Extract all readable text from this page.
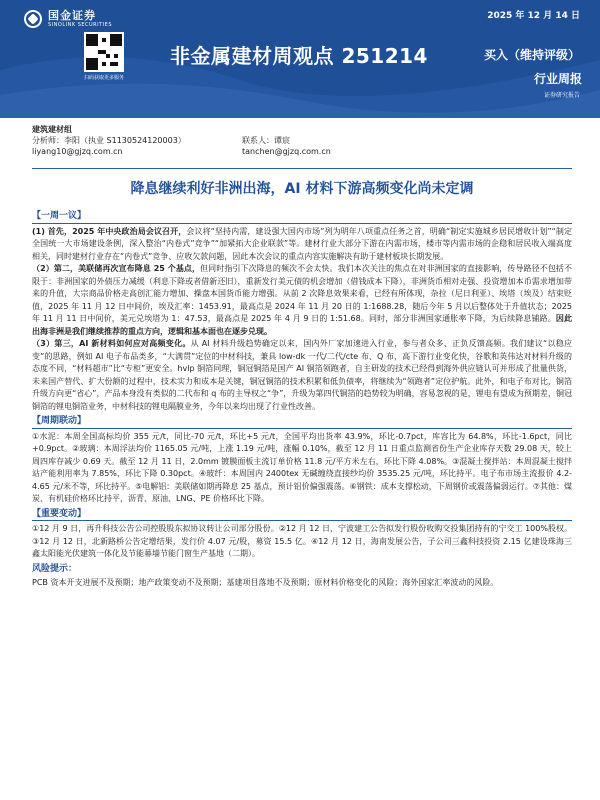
国金证券
SINOLINK SECURITIES
扫码获取更多服务
2025 年 12 月 14 日
非金属建材周观点 251214	买入（维持评级）
行业周报
证券研究报告
建筑建材组
分析师：李阳（执业 S1130524120003）	联系人：谭宸
liyang10@gjzq.com.cn	tanchen@gjzq.com.cn
降息继续利好非洲出海，AI 材料下游高频变化尚未定调
【一周一议】

(1) 首先，2025 年中央政治局会议召开，会议将“坚持内需，建设强大国内市场”列为明年八项重点任务之首，明确“制定实施城乡居民增收计划”“制定全国统一大市场建设条例，深入整治“内卷式”竞争”“加紧拓大企业联款”等。建材行业大部分下游在内需市场，楼市等内需市场的企稳和居民收入端高度相关，同时建材行业存在“内卷式”竞争、应收欠款问题，因此本次会议的重点内容实施解决有助于建材板块长期发展。

（2）第二，美联储再次宣布降息 25 个基点，但同时指引下次降息的频次不会太快。我们本次关注的焦点在对非洲国家的直接影响，传导路径不包括不限于：非洲国家的外债压力减缓（利息下降或者借新还旧），重新发行美元债的机会增加（借钱成本下降），非洲货币相对走强、投资增加本币需求增加带来的升值，大宗商品价格走高创汇能力增加、操盘本国货币能力增强。从前 2 次降息效果来看，已经有所体现，杂拉（尼日利亚）、埃塔（埃及）结束贬值，2025 年 11 月 12 日中间价，埃及汇率：1453.91，最高点是 2024 年 11 月 20 日的 1:1688.28，随后今年 5 月以后整体处于升值状态；2025 年 11 月 11 日中间价，美元兑埃塔为 1：47.53，最高点是 2025 年 4 月 9 日的 1:51.68。同时，部分非洲国家通胀率下降，为后续降息铺路。因此出海非洲是我们继续推荐的重点方向，逻辑和基本面也在逐步兑现。

（3）第三，AI 新材料如何应对高频变化。从 AI 材料升级趋势确定以来，国内外厂家加速进入行业，参与者众多、正负反馈高频。我们建议“以稳应变”的思路，例如 AI 电子布品类多，“大满贯”定位的中材科技，兼具 low-dk 一代/二代/cte 布、Q 布，高下游行业变化快，谷歌和英伟达对材料升级的态度不同，“材料超市”比“专柜”更安全。hvlp 铜箔同理，铜冠铜箔是国产 AI 铜箔领跑者，自主研发的技术已经得到海外供应链认可并形成了批量供货，未来国产替代、扩大份额的过程中，技术实力和成本是关键，铜冠铜箔的技术积累和低负债率，将继续为“领跑者”定位护航。此外，和电子布对比，铜箔升级方向更“省心”，产品本身没有类似的二代布和 q 布的主导权之“争”，升级为第四代铜箔的趋势较为明确，容易忽视的是，锂电有望成为预期差，铜冠铜箔的锂电铜箔业务，中材科技的锂电隔膜业务，今年以来均出现了行业性改善。

【周期联动】

①水泥：本周全国高标均价 355 元/t，同比-70 元/t，环比+5 元/t，全国平均出货率 43.9%，环比-0.7pct，库容比为 64.8%，环比-1.6pct，同比+0.9pct。②玻璃：本周浮法均价 1165.05 元/吨，上涨 1.19 元/吨，涨幅 0.10%，截至 12 月 11 日重点监测省份生产企业库存天数 29.08 天，较上周四库存减少 0.69 天。截至 12 月 11 日，2.0mm 镀膜面板主流订单价格 11.8 元/平方米左右，环比下降 4.08%。③混凝土搅拌站：本周混凝土搅拌站产能利用率为 7.85%，环比下降 0.30pct。④玻纤：本周国内 2400tex 无碱缠绕直接纱均价 3535.25 元/吨，环比持平。电子布市场主流报价 4.2-4.65 元/米不等，环比持平。⑤电解铝：美联储如期再降息 25 基点，预计铝价偏强震荡。⑥钢铁：成本支撑松动，下周钢价或震荡偏弱运行。⑦其他：煤炭、有机硅价格环比持平，沥青、原油、LNG、PE 价格环比下降。

【重要变动】

①12 月 9 日，再升科技公告公司控股股东拟协议转让公司部分股份。②12 月 12 日，宁波建工公告拟发行股份收购交投集团持有的宁交工 100%股权。③12 月 12 日，北新路桥公告定增结果，发行价 4.07 元/股，募资 15.5 亿。④12 月 12 日，海南发展公告，子公司三鑫科技投资 2.15 亿建设珠海三鑫太阳能光伏建筑一体化及节能幕墙节能门窗生产基地（二期）。

风险提示：

PCB 资本开支进展不及预期；地产政策变动不及预期；基建项目落地不及预期；原材料价格变化的风险；海外国家汇率波动的风险。
